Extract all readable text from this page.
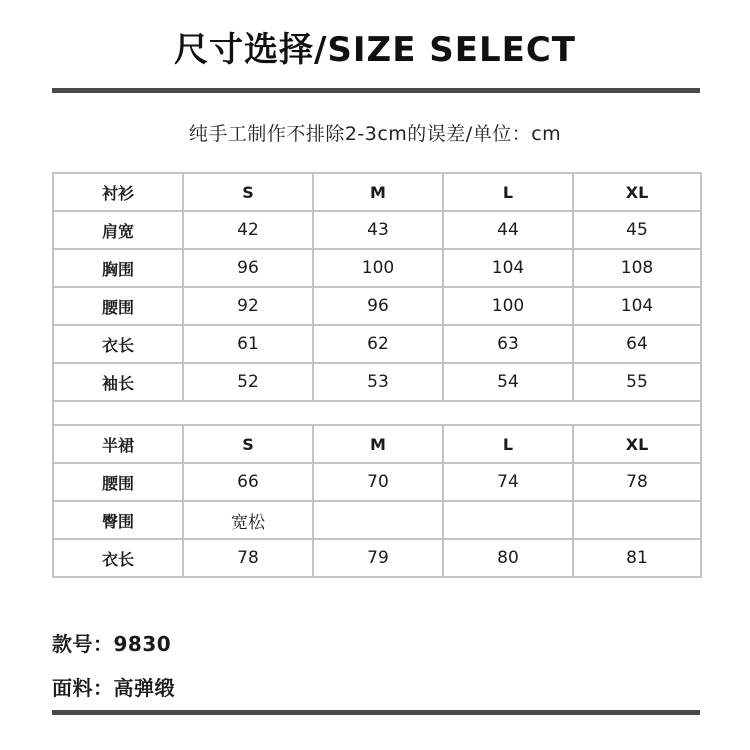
尺寸选择/SIZE SELECT
纯手工制作不排除2-3cm的误差/单位：cm
衬衫	S	M	L	XL
肩宽	42	43	44	45
胸围	96	100	104	108
腰围	92	96	100	104
衣长	61	62	63	64
袖长	52	53	54	55

半裙	S	M	L	XL
腰围	66	70	74	78
臀围	宽松			
衣长	78	79	80	81
款号：9830
面料：高弹缎
